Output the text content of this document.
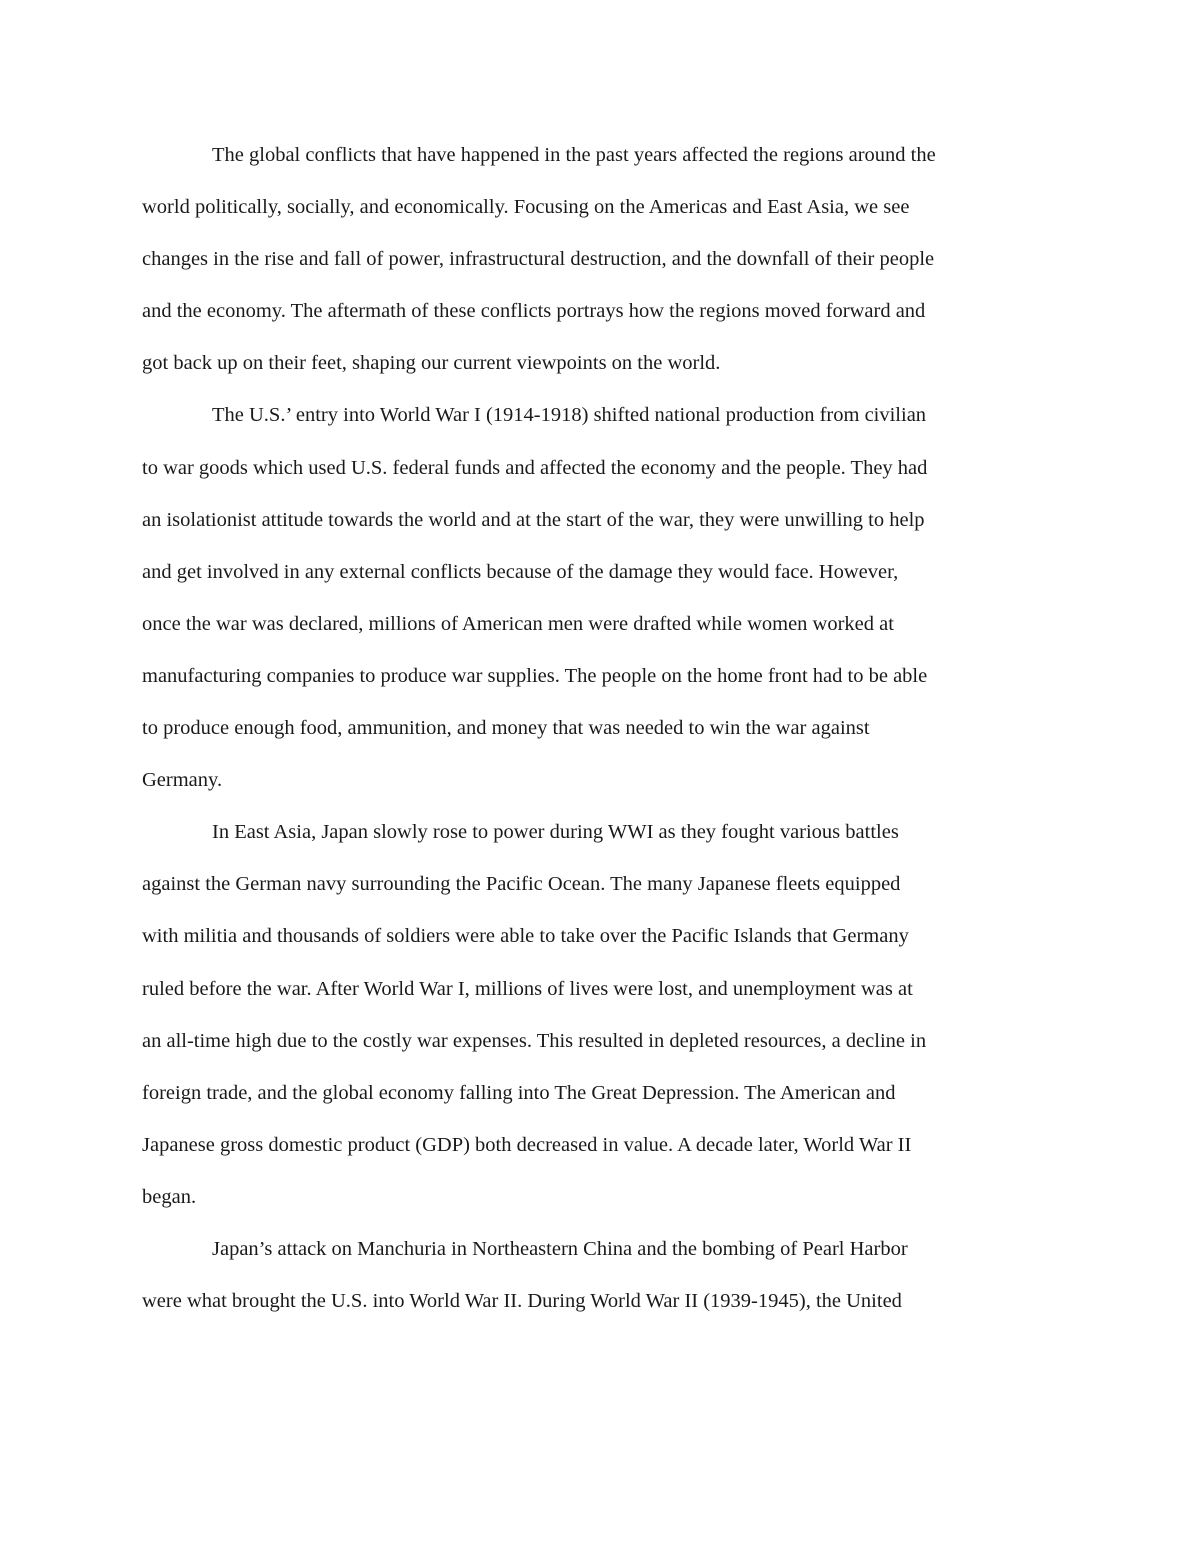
The global conflicts that have happened in the past years affected the regions around the
world politically, socially, and economically. Focusing on the Americas and East Asia, we see
changes in the rise and fall of power, infrastructural destruction, and the downfall of their people
and the economy. The aftermath of these conflicts portrays how the regions moved forward and
got back up on their feet, shaping our current viewpoints on the world.
The U.S.’ entry into World War I (1914-1918) shifted national production from civilian
to war goods which used U.S. federal funds and affected the economy and the people. They had
an isolationist attitude towards the world and at the start of the war, they were unwilling to help
and get involved in any external conflicts because of the damage they would face. However,
once the war was declared, millions of American men were drafted while women worked at
manufacturing companies to produce war supplies. The people on the home front had to be able
to produce enough food, ammunition, and money that was needed to win the war against
Germany.
In East Asia, Japan slowly rose to power during WWI as they fought various battles
against the German navy surrounding the Pacific Ocean. The many Japanese fleets equipped
with militia and thousands of soldiers were able to take over the Pacific Islands that Germany
ruled before the war. After World War I, millions of lives were lost, and unemployment was at
an all-time high due to the costly war expenses. This resulted in depleted resources, a decline in
foreign trade, and the global economy falling into The Great Depression. The American and
Japanese gross domestic product (GDP) both decreased in value. A decade later, World War II
began.
Japan’s attack on Manchuria in Northeastern China and the bombing of Pearl Harbor
were what brought the U.S. into World War II. During World War II (1939-1945), the United
